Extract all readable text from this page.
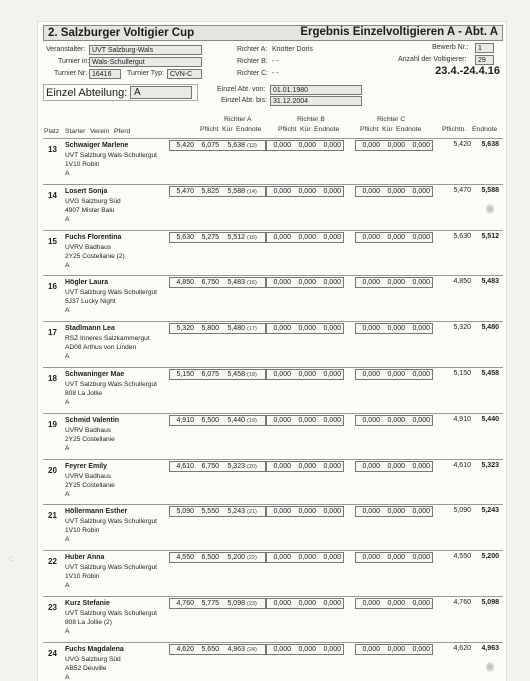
·:
2. Salzburger Voltigier Cup	Ergebnis Einzelvoltigieren A - Abt. A
Veranstalter: UVT Salzburg-Wals
Turnier in: Wals-Schullergut
Turnier Nr: 16416	Turnier Typ: CVN-C
Richter A: Knotter Doris
Richter B: - -
Richter C: - -
Bewerb Nr.:	1
Anzahl der Voltigierer:	29
23.4.-24.4.16
Einzel Abteilung: A	Einzel Abt. von:	01.01.1980
Einzel Abt. bis: 31.12.2004
Platz Starter Verein Pferd
Richter A
Pflicht Kür Endnote
Richter B
Pflicht Kür Endnote
Richter C
Pflicht Kür Endnote	Pflichtn. Endnote
13 Schwaiger Marlene
UVT Salzburg Wals Schullergut
1V10 Robin
A
5,420	6,075	5,638 (13)	0,000	0,000	0,000	0,000	0,000	0,000	5,420	5,638
14 Losert Sonja
UVG Salzburg Süd
4907 Mister Balu
A
5,470	5,825	5,588 (14)	0,000	0,000	0,000	0,000	0,000	0,000	5,470	5,588
15 Fuchs Florentina
UVRV Badhaus
2Y25 Costellanie (2)
A
5,630	5,275	5,512 (15)	0,000	0,000	0,000	0,000	0,000	0,000	5,630	5,512
16 Högler Laura
UVT Salzburg Wals Schullergut
5J37 Lucky Night
A
4,850	6,750	5,483 (16)	0,000	0,000	0,000	0,000	0,000	0,000	4,850	5,483
17 Stadlmann Lea
RSZ Inneres Salzkammergut
AD08 Arthus von Linden
A
5,320	5,800	5,480 (17)	0,000	0,000	0,000	0,000	0,000	0,000	5,320	5,480
18 Schwaninger Mae
UVT Salzburg Wals Schullergut
808 La Jollie
A
5,150	6,075	5,458 (18)	0,000	0,000	0,000	0,000	0,000	0,000	5,150	5,458
19 Schmid Valentin
UVRV Badhaus
2Y25 Costellanie
A
4,910	6,500	5,440 (19)	0,000	0,000	0,000	0,000	0,000	0,000	4,910	5,440
20 Feyrer Emily
UVRV Badhaus
2Y25 Costellanie
A
4,610	6,750	5,323 (20)	0,000	0,000	0,000	0,000	0,000	0,000	4,610	5,323
21 Höllermann Esther
UVT Salzburg Wals Schullergut
1V10 Robin
A
5,090	5,550	5,243 (21)	0,000	0,000	0,000	0,000	0,000	0,000	5,090	5,243
22 Huber Anna
UVT Salzburg Wals Schullergut
1V10 Robin
A
4,550	6,500	5,200 (22)	0,000	0,000	0,000	0,000	0,000	0,000	4,550	5,200
23 Kurz Stefanie
UVT Salzburg Wals Schullergut
808 La Jollie (2)
A
4,760	5,775	5,098 (23)	0,000	0,000	0,000	0,000	0,000	0,000	4,760	5,098
24 Fuchs Magdalena
UVG Salzburg Süd
AB52 Deuville
A
4,620	5,650	4,963 (24)	0,000	0,000	0,000	0,000	0,000	0,000	4,620	4,963
